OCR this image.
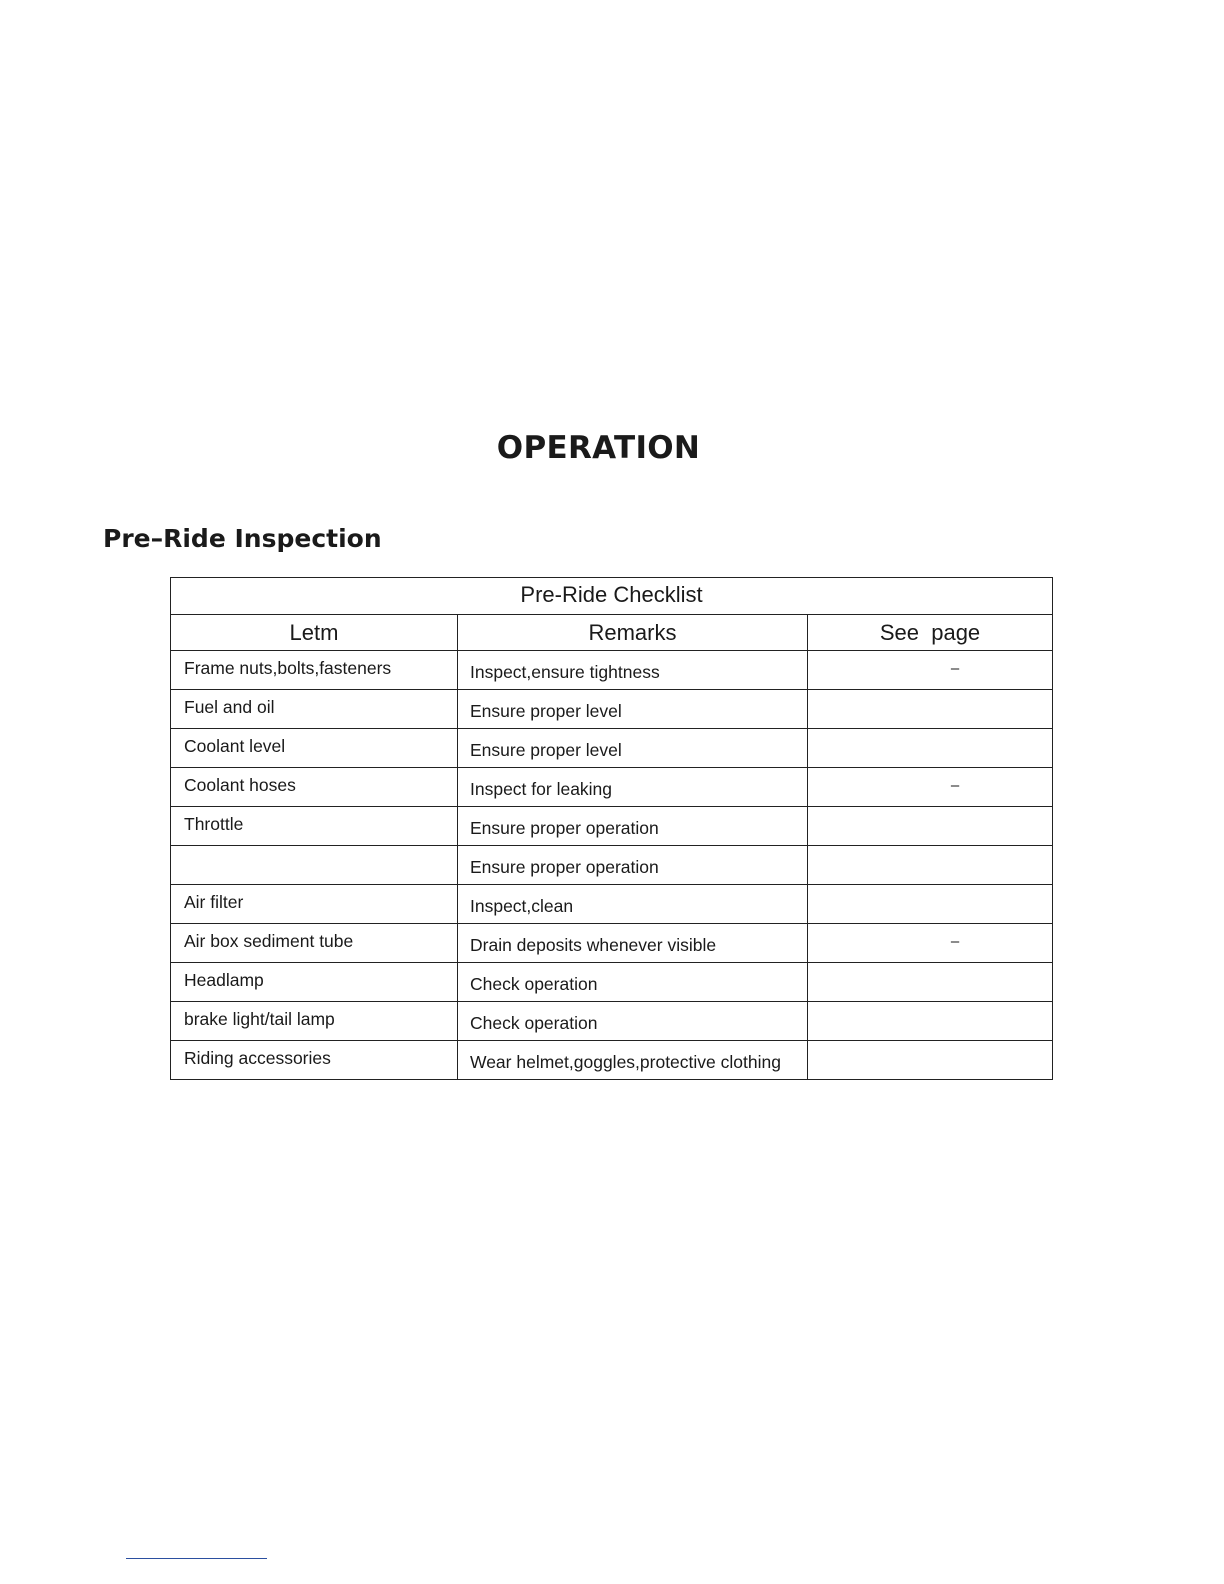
OPERATION
Pre–Ride Inspection
Pre-Ride Checklist		
Letm	Remarks	See  page
Frame nuts,bolts,fasteners	Inspect,ensure tightness	–
Fuel and oil	Ensure proper level	
Coolant level	Ensure proper level	
Coolant hoses	Inspect for leaking	–
Throttle	Ensure proper operation	
	Ensure proper operation	
Air filter	Inspect,clean	
Air box sediment tube	Drain deposits whenever visible	–
Headlamp	Check operation	
brake light/tail lamp	Check operation	
Riding accessories	Wear helmet,goggles,protective clothing	
